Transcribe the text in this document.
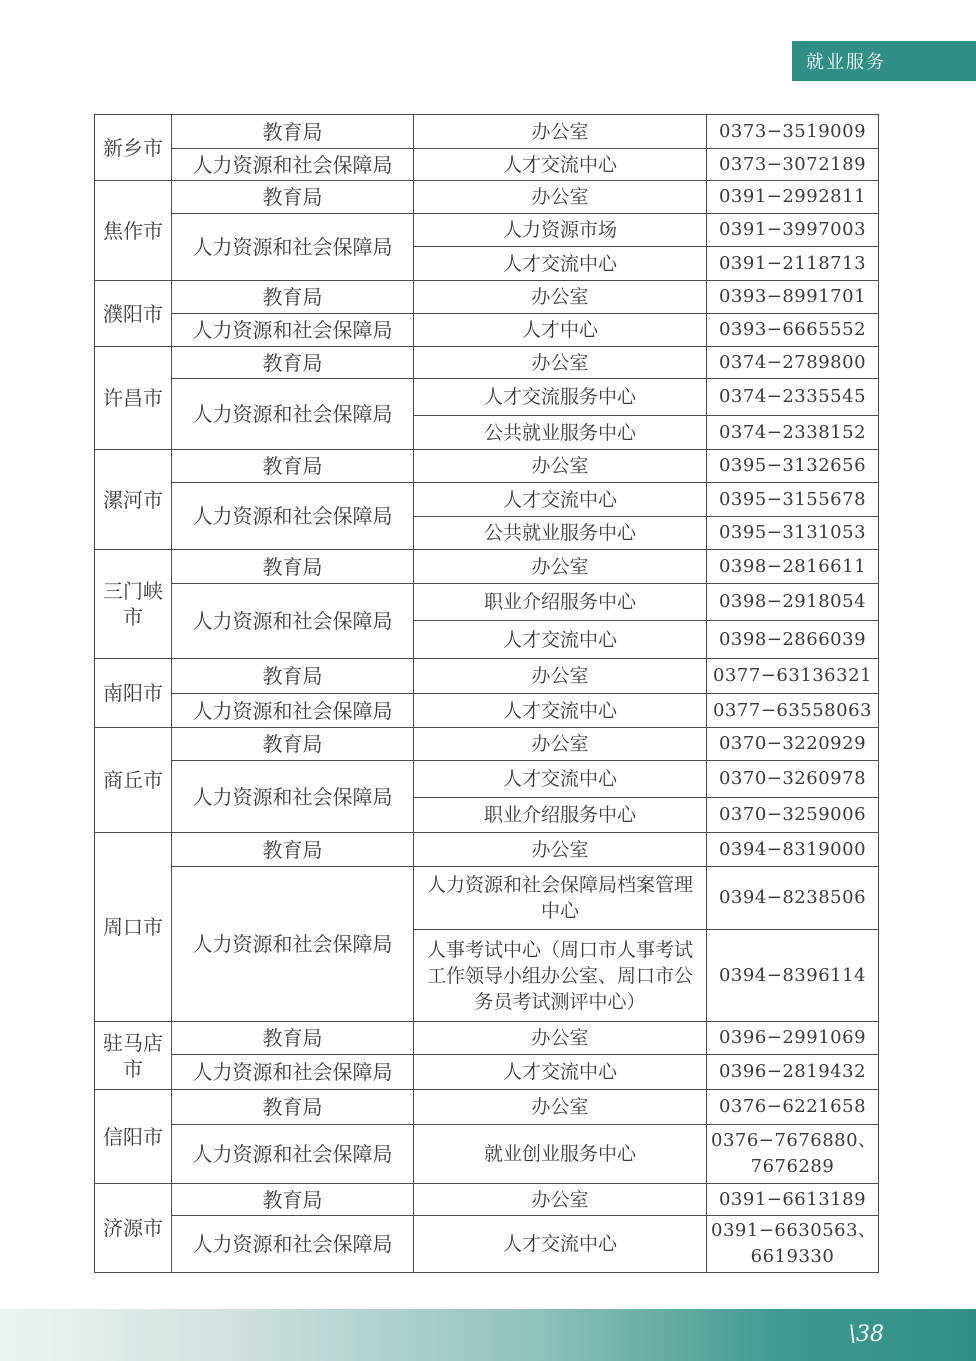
就业服务
新乡市	教育局	办公室	0373−3519009
	人力资源和社会保障局	人才交流中心	0373−3072189
焦作市	教育局	办公室	0391−2992811
	人力资源和社会保障局	人力资源市场	0391−3997003
		人才交流中心	0391−2118713
濮阳市	教育局	办公室	0393−8991701
	人力资源和社会保障局	人才中心	0393−6665552
许昌市	教育局	办公室	0374−2789800
	人力资源和社会保障局	人才交流服务中心	0374−2335545
		公共就业服务中心	0374−2338152
漯河市	教育局	办公室	0395−3132656
	人力资源和社会保障局	人才交流中心	0395−3155678
		公共就业服务中心	0395−3131053
三门峡市	教育局	办公室	0398−2816611
	人力资源和社会保障局	职业介绍服务中心	0398−2918054
		人才交流中心	0398−2866039
南阳市	教育局	办公室	0377−63136321
	人力资源和社会保障局	人才交流中心	0377−63558063
商丘市	教育局	办公室	0370−3220929
	人力资源和社会保障局	人才交流中心	0370−3260978
		职业介绍服务中心	0370−3259006
周口市	教育局	办公室	0394−8319000
	人力资源和社会保障局	人力资源和社会保障局档案管理中心	0394−8238506
		人事考试中心（周口市人事考试工作领导小组办公室、周口市公务员考试测评中心）	0394−8396114
驻马店市	教育局	办公室	0396−2991069
	人力资源和社会保障局	人才交流中心	0396−2819432
信阳市	教育局	办公室	0376−6221658
	人力资源和社会保障局	就业创业服务中心	0376−7676880、7676289
济源市	教育局	办公室	0391−6613189
	人力资源和社会保障局	人才交流中心	0391−6630563、6619330
\38
